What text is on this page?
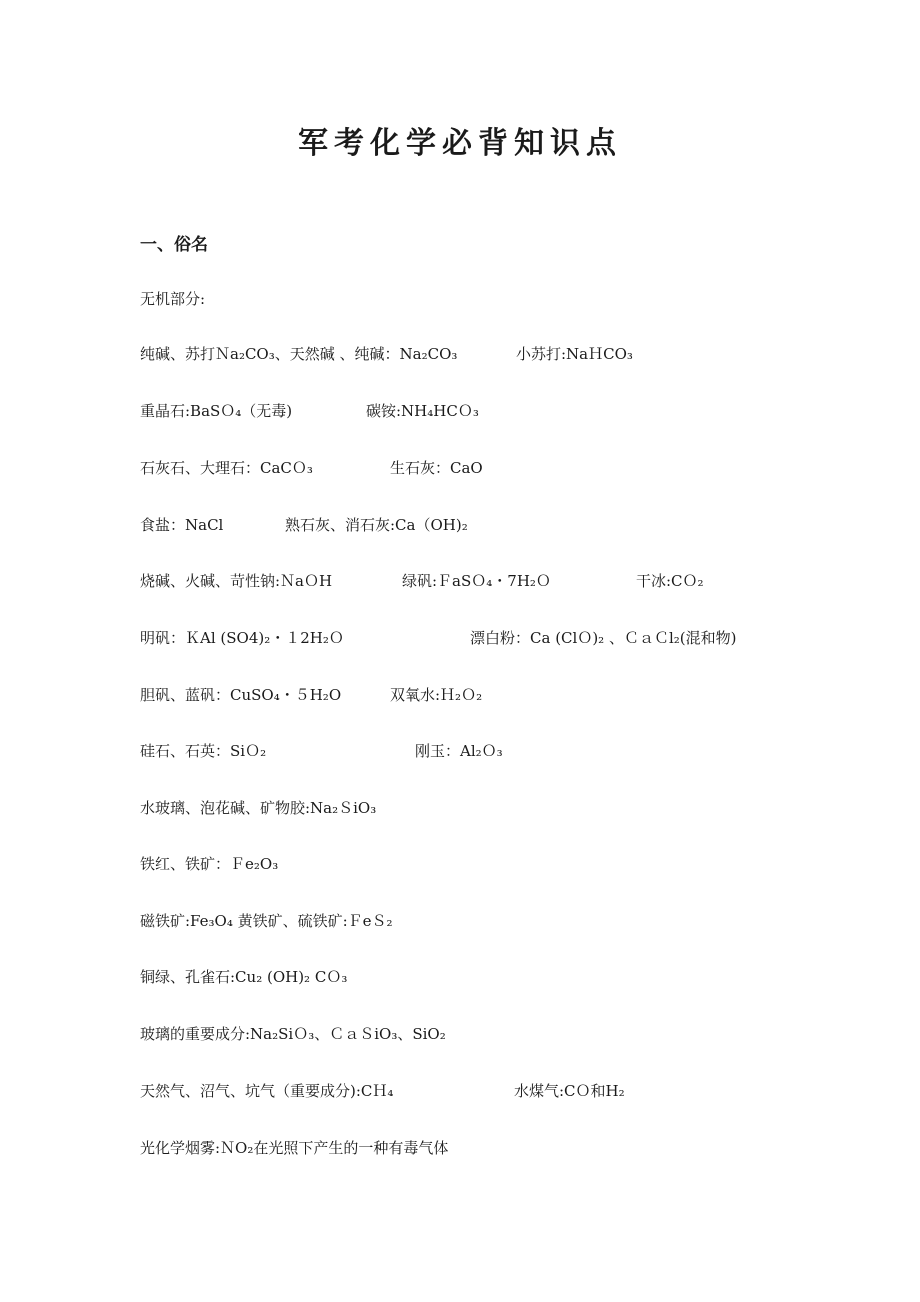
军考化学必背知识点
一、俗名
无机部分:
纯碱、苏打Ｎa₂CO₃、天然碱 、纯碱：Na₂CO₃	小苏打:NaＨCO₃
重晶石:BaSＯ₄（无毒)	碳铵:NH₄HCＯ₃
石灰石、大理石：CaCＯ₃	生石灰：CaO
食盐：NaCl	熟石灰、消石灰:Ca（OH)₂
烧碱、火碱、苛性钠:ＮaＯH	绿矾:ＦaSＯ₄・7H₂Ｏ	干冰:CＯ₂
明矾：ＫAl (SO4)₂・１2H₂Ｏ	漂白粉：Ca (ClＯ)₂ 、ＣａＣl₂(混和物)
胆矾、蓝矾：CuSO₄・５H₂O	双氧水:Ｈ₂Ｏ₂
硅石、石英：SiＯ₂	刚玉：Al₂Ｏ₃
水玻璃、泡花碱、矿物胶:Na₂ＳiO₃
铁红、铁矿：Ｆe₂O₃
磁铁矿:Fe₃O₄ 黄铁矿、硫铁矿:ＦeＳ₂
铜绿、孔雀石:Cu₂ (OH)₂ CＯ₃
玻璃的重要成分:Na₂SiＯ₃、ＣａＳiO₃、SiO₂
天然气、沼气、坑气（重要成分):CＨ₄	水煤气:CＯ和H₂
光化学烟雾:ＮO₂在光照下产生的一种有毒气体
